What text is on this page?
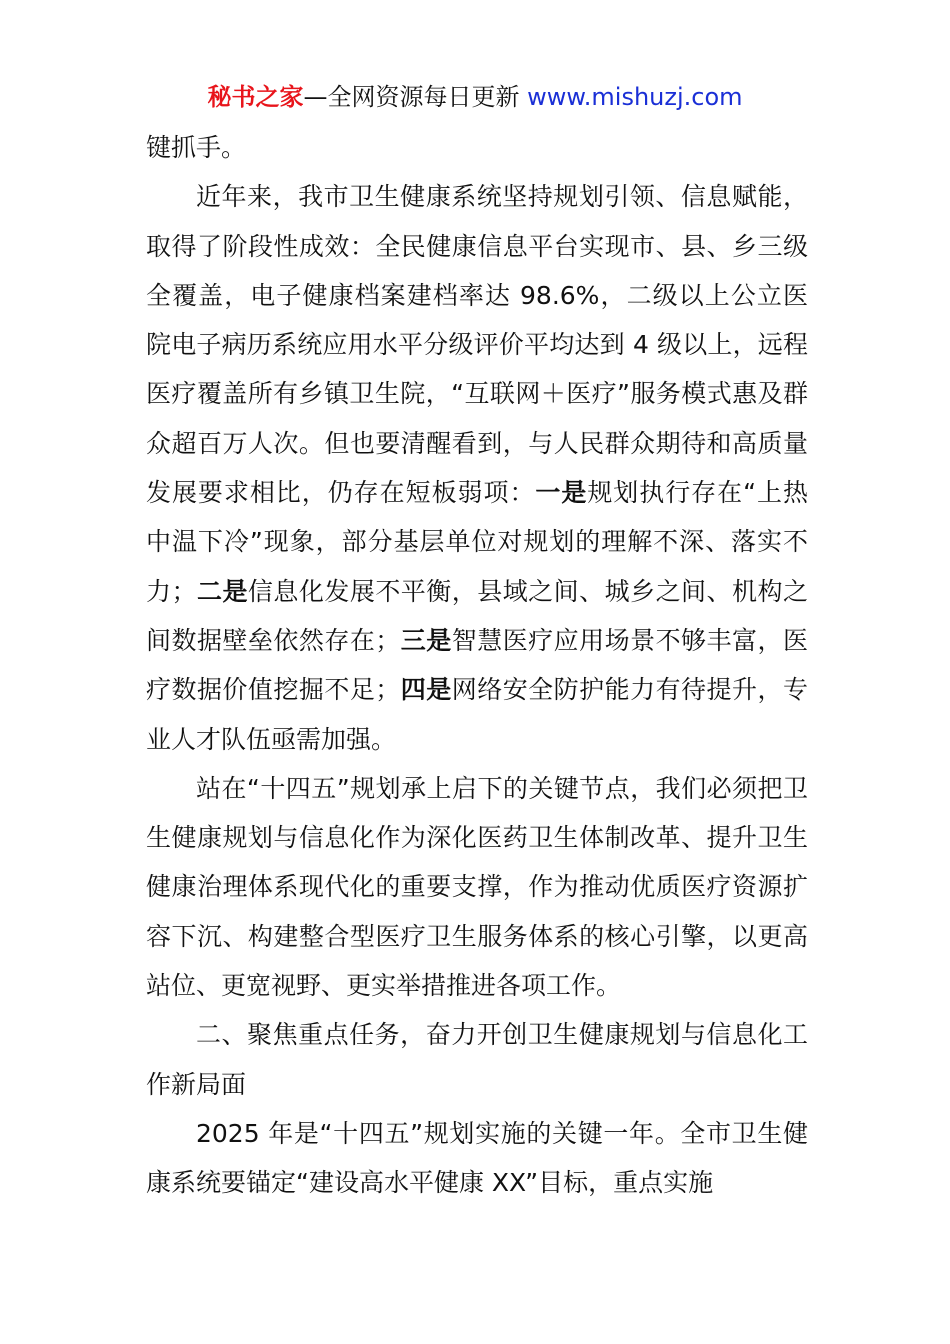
秘书之家—全网资源每日更新 www.mishuzj.com

键抓手。

近年来，我市卫生健康系统坚持规划引领、信息赋能，取得了阶段性成效：全民健康信息平台实现市、县、乡三级全覆盖，电子健康档案建档率达 98.6%，二级以上公立医院电子病历系统应用水平分级评价平均达到 4 级以上，远程医疗覆盖所有乡镇卫生院，“互联网＋医疗”服务模式惠及群众超百万人次。但也要清醒看到，与人民群众期待和高质量发展要求相比，仍存在短板弱项：一是规划执行存在“上热中温下冷”现象，部分基层单位对规划的理解不深、落实不力；二是信息化发展不平衡，县域之间、城乡之间、机构之间数据壁垒依然存在；三是智慧医疗应用场景不够丰富，医疗数据价值挖掘不足；四是网络安全防护能力有待提升，专业人才队伍亟需加强。

站在“十四五”规划承上启下的关键节点，我们必须把卫生健康规划与信息化作为深化医药卫生体制改革、提升卫生健康治理体系现代化的重要支撑，作为推动优质医疗资源扩容下沉、构建整合型医疗卫生服务体系的核心引擎，以更高站位、更宽视野、更实举措推进各项工作。

二、聚焦重点任务，奋力开创卫生健康规划与信息化工作新局面

2025 年是“十四五”规划实施的关键一年。全市卫生健康系统要锚定“建设高水平健康 XX”目标，重点实施
